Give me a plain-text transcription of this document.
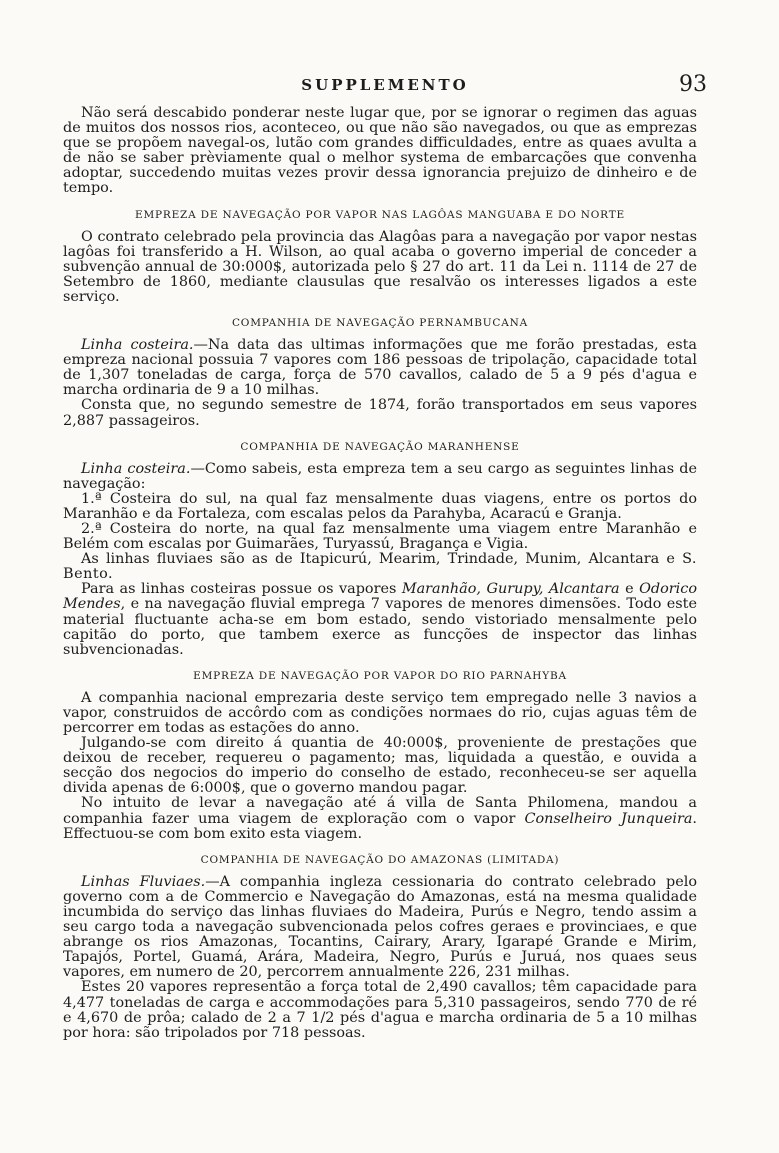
SUPPLEMENTO	93

Não será descabido ponderar neste lugar que, por se ignorar o regimen das aguas de muitos dos nossos rios, aconteceo, ou que não são navegados, ou que as emprezas que se propõem navegal-os, lutão com grandes difficuldades, entre as quaes avulta a de não se saber prèviamente qual o melhor systema de embarcações que convenha adoptar, succedendo muitas vezes provir dessa ignorancia prejuizo de dinheiro e de tempo.

EMPREZA DE NAVEGAÇÃO POR VAPOR NAS LAGÔAS MANGUABA E DO NORTE

O contrato celebrado pela provincia das Alagôas para a navegação por vapor nestas lagôas foi transferido a H. Wilson, ao qual acaba o governo imperial de conceder a subvenção annual de 30:000$, autorizada pelo § 27 do art. 11 da Lei n. 1114 de 27 de Setembro de 1860, mediante clausulas que resalvão os interesses ligados a este serviço.

COMPANHIA DE NAVEGAÇÃO PERNAMBUCANA

Linha costeira.—Na data das ultimas informações que me forão prestadas, esta empreza nacional possuia 7 vapores com 186 pessoas de tripolação, capacidade total de 1,307 toneladas de carga, força de 570 cavallos, calado de 5 a 9 pés d'agua e marcha ordinaria de 9 a 10 milhas.

Consta que, no segundo semestre de 1874, forão transportados em seus vapores 2,887 passageiros.

COMPANHIA DE NAVEGAÇÃO MARANHENSE

Linha costeira.—Como sabeis, esta empreza tem a seu cargo as seguintes linhas de navegação:

1.ª Costeira do sul, na qual faz mensalmente duas viagens, entre os portos do Maranhão e da Fortaleza, com escalas pelos da Parahyba, Acaracú e Granja.

2.ª Costeira do norte, na qual faz mensalmente uma viagem entre Maranhão e Belém com escalas por Guimarães, Turyassú, Bragança e Vigia.

As linhas fluviaes são as de Itapicurú, Mearim, Trindade, Munim, Alcantara e S. Bento.

Para as linhas costeiras possue os vapores Maranhão, Gurupy, Alcantara e Odorico Mendes, e na navegação fluvial emprega 7 vapores de menores dimensões. Todo este material fluctuante acha-se em bom estado, sendo vistoriado mensalmente pelo capitão do porto, que tambem exerce as funcções de inspector das linhas subvencionadas.

EMPREZA DE NAVEGAÇÃO POR VAPOR DO RIO PARNAHYBA

A companhia nacional emprezaria deste serviço tem empregado nelle 3 navios a vapor, construidos de accôrdo com as condições normaes do rio, cujas aguas têm de percorrer em todas as estações do anno.

Julgando-se com direito á quantia de 40:000$, proveniente de prestações que deixou de receber, requereu o pagamento; mas, liquidada a questão, e ouvida a secção dos negocios do imperio do conselho de estado, reconheceu-se ser aquella divida apenas de 6:000$, que o governo mandou pagar.

No intuito de levar a navegação até á villa de Santa Philomena, mandou a companhia fazer uma viagem de exploração com o vapor Conselheiro Junqueira. Effectuou-se com bom exito esta viagem.

COMPANHIA DE NAVEGAÇÃO DO AMAZONAS (LIMITADA)

Linhas Fluviaes.—A companhia ingleza cessionaria do contrato celebrado pelo governo com a de Commercio e Navegação do Amazonas, está na mesma qualidade incumbida do serviço das linhas fluviaes do Madeira, Purús e Negro, tendo assim a seu cargo toda a navegação subvencionada pelos cofres geraes e provinciaes, e que abrange os rios Amazonas, Tocantins, Cairary, Arary, Igarapé Grande e Mirim, Tapajós, Portel, Guamá, Arára, Madeira, Negro, Purús e Juruá, nos quaes seus vapores, em numero de 20, percorrem annualmente 226, 231 milhas.

Estes 20 vapores representão a força total de 2,490 cavallos; têm capacidade para 4,477 toneladas de carga e accommodações para 5,310 passageiros, sendo 770 de ré e 4,670 de prôa; calado de 2 a 7 1/2 pés d'agua e marcha ordinaria de 5 a 10 milhas por hora: são tripolados por 718 pessoas.
